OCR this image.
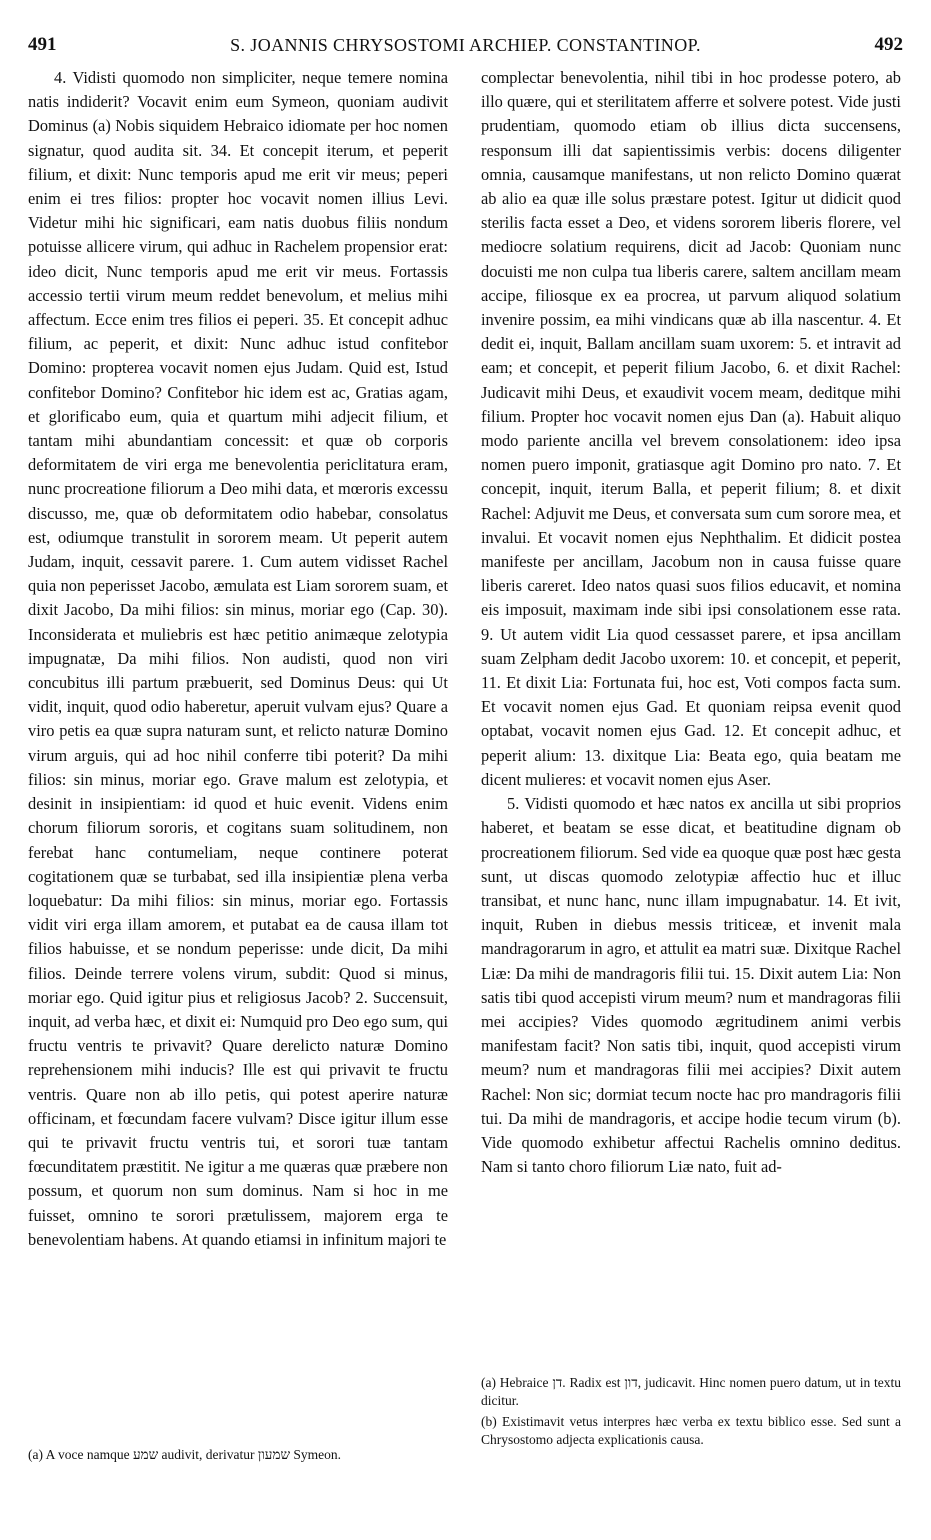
491	S. JOANNIS CHRYSOSTOMI ARCHIEP. CONSTANTINOP.	492

4. Vidisti quomodo non simpliciter, neque temere nomina natis indiderit? Vocavit enim eum Symeon, quoniam audivit Dominus (a) Nobis siquidem Hebraico idiomate per hoc nomen signatur, quod audita sit. 34. Et concepit iterum, et peperit filium, et dixit: Nunc temporis apud me erit vir meus; peperi enim ei tres filios: propter hoc vocavit nomen illius Levi. Videtur mihi hic significari, eam natis duobus filiis nondum potuisse allicere virum, qui adhuc in Rachelem propensior erat: ideo dicit, Nunc temporis apud me erit vir meus. Fortassis accessio tertii virum meum reddet benevolum, et melius mihi affectum. Ecce enim tres filios ei peperi. 35. Et concepit adhuc filium, ac peperit, et dixit: Nunc adhuc istud confitebor Domino: propterea vocavit nomen ejus Judam. Quid est, Istud confitebor Domino? Confitebor hic idem est ac, Gratias agam, et glorificabo eum, quia et quartum mihi adjecit filium, et tantam mihi abundantiam concessit: et quæ ob corporis deformitatem de viri erga me benevolentia periclitatura eram, nunc procreatione filiorum a Deo mihi data, et mœroris excessu discusso, me, quæ ob deformitatem odio habebar, consolatus est, odiumque transtulit in sororem meam. Ut peperit autem Judam, inquit, cessavit parere. 1. Cum autem vidisset Rachel quia non peperisset Jacobo, æmulata est Liam sororem suam, et dixit Jacobo, Da mihi filios: sin minus, moriar ego (Cap. 30). Inconsiderata et muliebris est hæc petitio animæque zelotypia impugnatæ, Da mihi filios. Non audisti, quod non viri concubitus illi partum præbuerit, sed Dominus Deus: qui Ut vidit, inquit, quod odio haberetur, aperuit vulvam ejus? Quare a viro petis ea quæ supra naturam sunt, et relicto naturæ Domino virum arguis, qui ad hoc nihil conferre tibi poterit? Da mihi filios: sin minus, moriar ego. Grave malum est zelotypia, et desinit in insipientiam: id quod et huic evenit. Videns enim chorum filiorum sororis, et cogitans suam solitudinem, non ferebat hanc contumeliam, neque continere poterat cogitationem quæ se turbabat, sed illa insipientiæ plena verba loquebatur: Da mihi filios: sin minus, moriar ego. Fortassis vidit viri erga illam amorem, et putabat ea de causa illam tot filios habuisse, et se nondum peperisse: unde dicit, Da mihi filios. Deinde terrere volens virum, subdit: Quod si minus, moriar ego. Quid igitur pius et religiosus Jacob? 2. Succensuit, inquit, ad verba hæc, et dixit ei: Numquid pro Deo ego sum, qui fructu ventris te privavit? Quare derelicto naturæ Domino reprehensionem mihi inducis? Ille est qui privavit te fructu ventris. Quare non ab illo petis, qui potest aperire naturæ officinam, et fœcundam facere vulvam? Disce igitur illum esse qui te privavit fructu ventris tui, et sorori tuæ tantam fœcunditatem præstitit. Ne igitur a me quæras quæ præbere non possum, et quorum non sum dominus. Nam si hoc in me fuisset, omnino te sorori prætulissem, majorem erga te benevolentiam habens. At quando etiamsi in infinitum majori te

complectar benevolentia, nihil tibi in hoc prodesse potero, ab illo quære, qui et sterilitatem afferre et solvere potest. Vide justi prudentiam, quomodo etiam ob illius dicta succensens, responsum illi dat sapientissimis verbis: docens diligenter omnia, causamque manifestans, ut non relicto Domino quærat ab alio ea quæ ille solus præstare potest. Igitur ut didicit quod sterilis facta esset a Deo, et videns sororem liberis florere, vel mediocre solatium requirens, dicit ad Jacob: Quoniam nunc docuisti me non culpa tua liberis carere, saltem ancillam meam accipe, filiosque ex ea procrea, ut parvum aliquod solatium invenire possim, ea mihi vindicans quæ ab illa nascentur. 4. Et dedit ei, inquit, Ballam ancillam suam uxorem: 5. et intravit ad eam; et concepit, et peperit filium Jacobo, 6. et dixit Rachel: Judicavit mihi Deus, et exaudivit vocem meam, deditque mihi filium. Propter hoc vocavit nomen ejus Dan (a). Habuit aliquo modo pariente ancilla vel brevem consolationem: ideo ipsa nomen puero imponit, gratiasque agit Domino pro nato. 7. Et concepit, inquit, iterum Balla, et peperit filium; 8. et dixit Rachel: Adjuvit me Deus, et conversata sum cum sorore mea, et invalui. Et vocavit nomen ejus Nephthalim. Et didicit postea manifeste per ancillam, Jacobum non in causa fuisse quare liberis careret. Ideo natos quasi suos filios educavit, et nomina eis imposuit, maximam inde sibi ipsi consolationem esse rata. 9. Ut autem vidit Lia quod cessasset parere, et ipsa ancillam suam Zelpham dedit Jacobo uxorem: 10. et concepit, et peperit, 11. Et dixit Lia: Fortunata fui, hoc est, Voti compos facta sum. Et vocavit nomen ejus Gad. Et quoniam reipsa evenit quod optabat, vocavit nomen ejus Gad. 12. Et concepit adhuc, et peperit alium: 13. dixitque Lia: Beata ego, quia beatam me dicent mulieres: et vocavit nomen ejus Aser.

5. Vidisti quomodo et hæc natos ex ancilla ut sibi proprios haberet, et beatam se esse dicat, et beatitudine dignam ob procreationem filiorum. Sed vide ea quoque quæ post hæc gesta sunt, ut discas quomodo zelotypiæ affectio huc et illuc transibat, et nunc hanc, nunc illam impugnabatur. 14. Et ivit, inquit, Ruben in diebus messis triticeæ, et invenit mala mandragorarum in agro, et attulit ea matri suæ. Dixitque Rachel Liæ: Da mihi de mandragoris filii tui. 15. Dixit autem Lia: Non satis tibi quod accepisti virum meum? num et mandragoras filii mei accipies? Vides quomodo ægritudinem animi verbis manifestam facit? Non satis tibi, inquit, quod accepisti virum meum? num et mandragoras filii mei accipies? Dixit autem Rachel: Non sic; dormiat tecum nocte hac pro mandragoris filii tui. Da mihi de mandragoris, et accipe hodie tecum virum (b). Vide quomodo exhibetur affectui Rachelis omnino deditus. Nam si tanto choro filiorum Liæ nato, fuit ad-

(a) A voce namque שמע audivit, derivatur שמעון Symeon.

(a) Hebraice דן. Radix est דון, judicavit. Hinc nomen puero datum, ut in textu dicitur.

(b) Existimavit vetus interpres hæc verba ex textu biblico esse. Sed sunt a Chrysostomo adjecta explicationis causa.
